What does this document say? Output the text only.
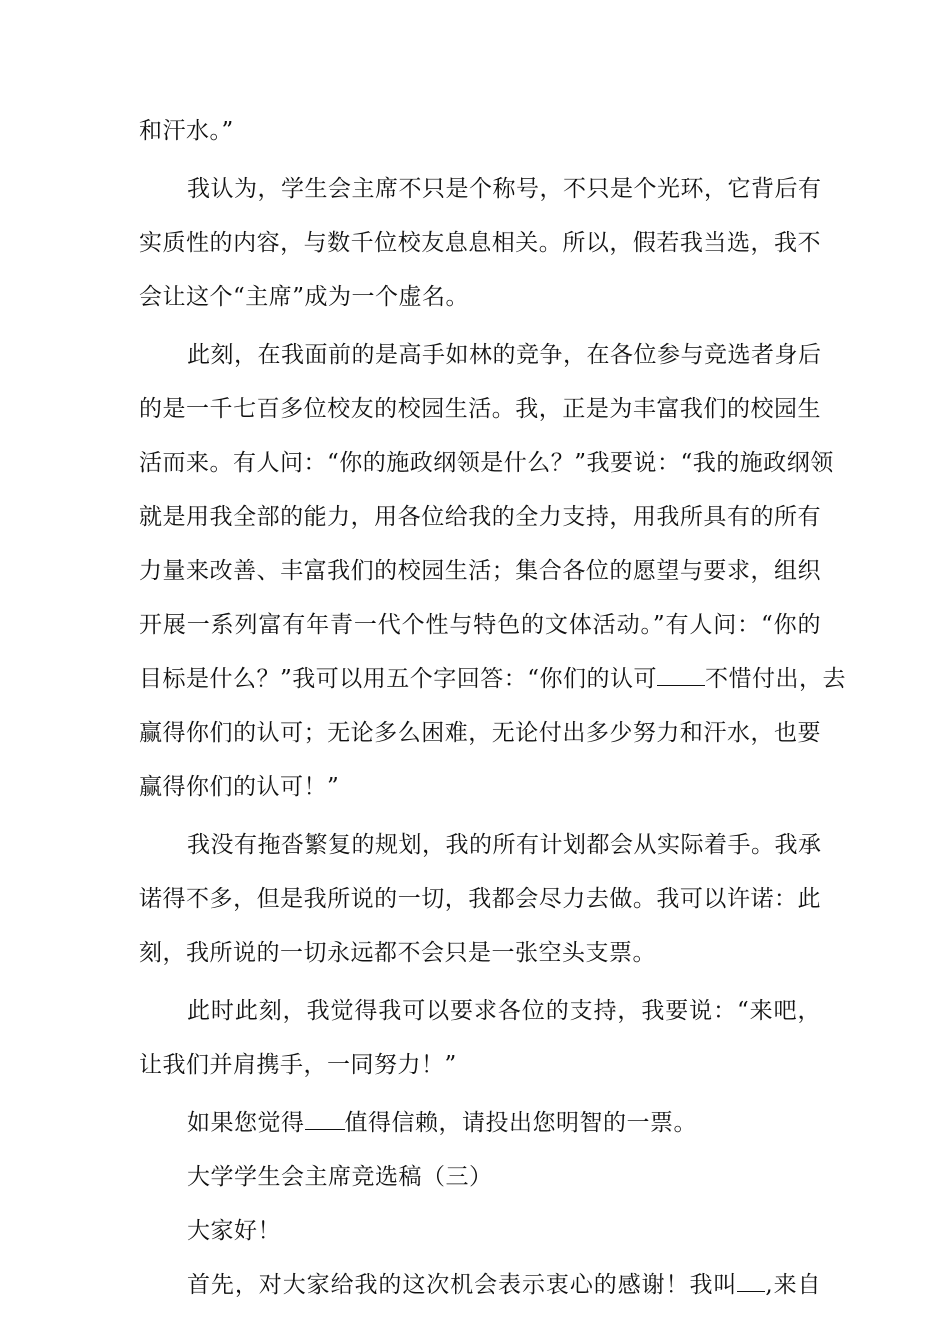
和汗水。”

我认为，学生会主席不只是个称号，不只是个光环，它背后有
实质性的内容，与数千位校友息息相关。所以，假若我当选，我不
会让这个“主席”成为一个虚名。

此刻，在我面前的是高手如林的竞争，在各位参与竞选者身后
的是一千七百多位校友的校园生活。我，正是为丰富我们的校园生
活而来。有人问：“你的施政纲领是什么？”我要说：“我的施政纲领
就是用我全部的能力，用各位给我的全力支持，用我所具有的所有
力量来改善、丰富我们的校园生活；集合各位的愿望与要求，组织
开展一系列富有年青一代个性与特色的文体活动。”有人问：“你的
目标是什么？”我可以用五个字回答：“你们的认可 不惜付出，去
赢得你们的认可；无论多么困难，无论付出多少努力和汗水，也要
赢得你们的认可！”

我没有拖沓繁复的规划，我的所有计划都会从实际着手。我承
诺得不多，但是我所说的一切，我都会尽力去做。我可以许诺：此
刻，我所说的一切永远都不会只是一张空头支票。

此时此刻，我觉得我可以要求各位的支持，我要说：“来吧，
让我们并肩携手，一同努力！”

如果您觉得 值得信赖，请投出您明智的一票。

大学学生会主席竞选稿（三）

大家好！

首先，对大家给我的这次机会表示衷心的感谢！我叫 ,来自
